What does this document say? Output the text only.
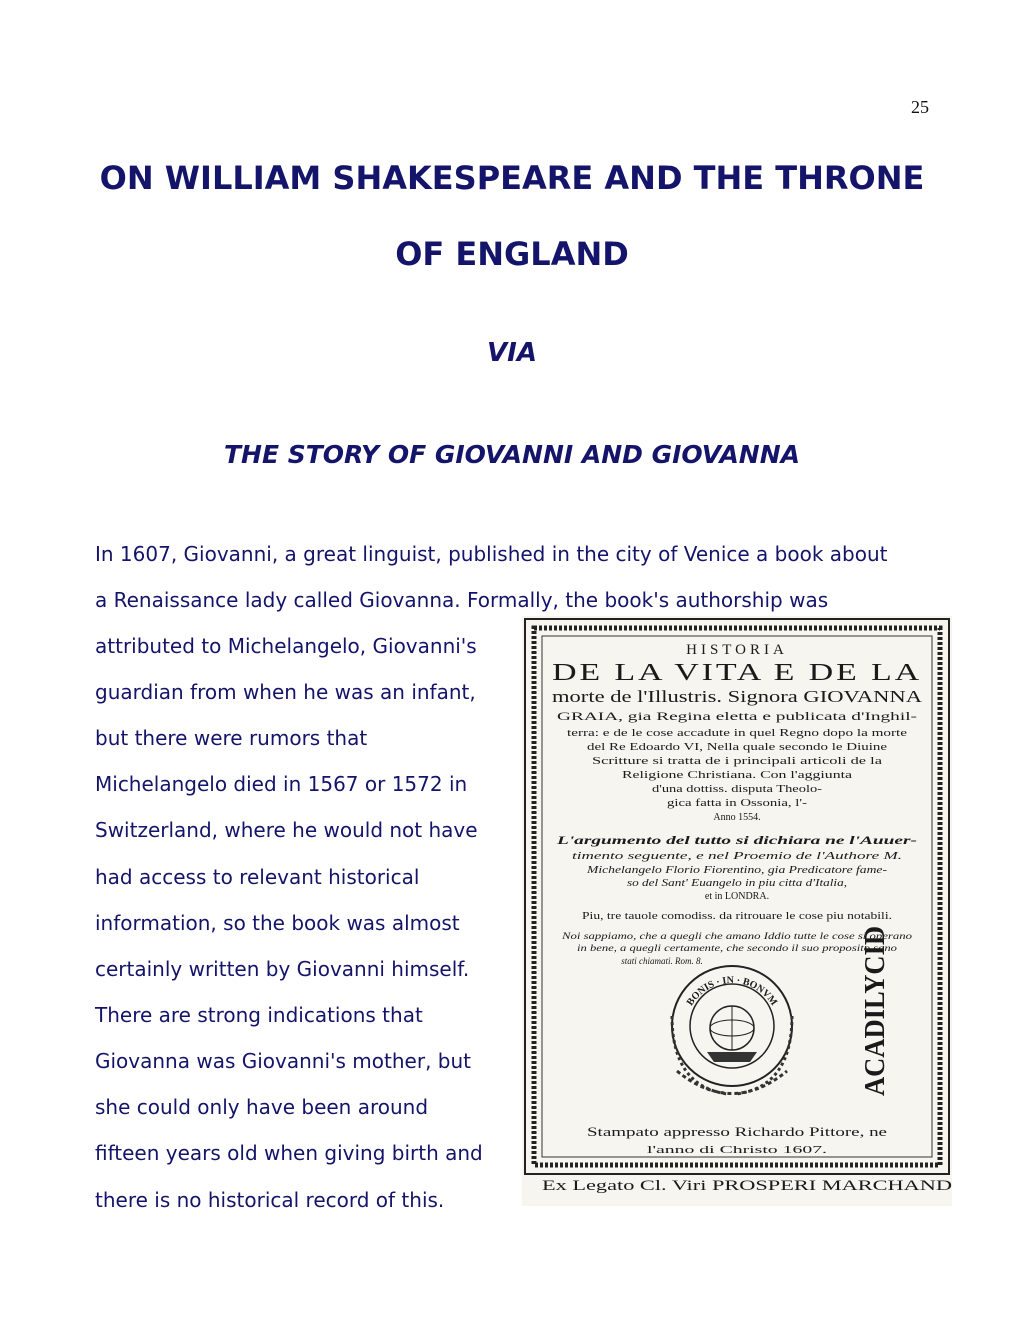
25
ON WILLIAM SHAKESPEARE AND THE THRONE
OF ENGLAND
VIA
THE STORY OF GIOVANNI AND GIOVANNA
In 1607, Giovanni, a great linguist, published in the city of Venice a book about
a Renaissance lady called Giovanna. Formally, the book's authorship was
attributed to Michelangelo, Giovanni's
guardian from when he was an infant,
but there were rumors that
Michelangelo died in 1567 or 1572 in
Switzerland, where he would not have
had access to relevant historical
information, so the book was almost
certainly written by Giovanni himself.
There are strong indications that
Giovanna was Giovanni's mother, but
she could only have been around
fifteen years old when giving birth and
there is no historical record of this.
HISTORIA
DE LA VITA E DE LA
morte de l'Illustris. Signora GIOVANNA
GRAIA, gia Regina eletta e publicata d'Inghil-
terra: e de le cose accadute in quel Regno dopo la morte
del Re Edoardo VI, Nella quale secondo le Diuine
Scritture si tratta de i principali articoli de la
Religione Christiana. Con l'aggiunta
d'una dottiss. disputa Theolo-
gica fatta in Ossonia, l'-
Anno 1554.
L'argumento del tutto si dichiara ne l'Auuer-
timento seguente, e nel Proemio de l'Authore M.
Michelangelo Florio Fiorentino, gia Predicatore fame-
so del Sant' Euangelo in piu citta d'Italia,
et in LONDRA.
Piu, tre tauole comodiss. da ritrouare le cose piu notabili.
Noi sappiamo, che a quegli che amano Iddio tutte le cose si operano
in bene, a quegli certamente, che secondo il suo proposito sono
stati chiamati. Rom. 8.
BONIS · IN · BONVM	ACADILYCID
Stampato appresso Richardo Pittore, ne
l'anno di Christo 1607.
Ex Legato Cl. Viri PROSPERI MARCHAND
